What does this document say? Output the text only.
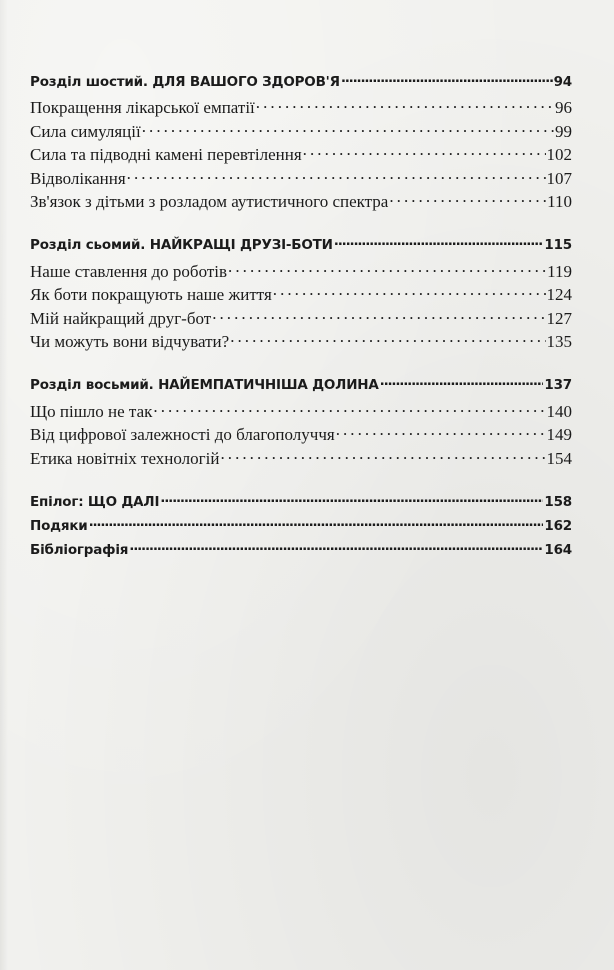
Розділ шостий. ДЛЯ ВАШОГО ЗДОРОВ'Я .....	94
Покращення лікарської емпатії . . .	96
Сила симуляції . . .	99
Сила та підводні камені перевтілення . . .	102
Відволікання . . .	107
Зв'язок з дітьми з розладом аутистичного спектра . . .	110
Розділ сьомий. НАЙКРАЩІ ДРУЗІ-БОТИ .....	115
Наше ставлення до роботів . . .	119
Як боти покращують наше життя . . .	124
Мій найкращий друг-бот . . .	127
Чи можуть вони відчувати? . . .	135
Розділ восьмий. НАЙЕМПАТИЧНІША ДОЛИНА .....	137
Що пішло не так . . .	140
Від цифрової залежності до благополуччя . . .	149
Етика новітніх технологій . . .	154
Епілог: ЩО ДАЛІ .....	158
Подяки .....	162
Бібліографія .....	164
